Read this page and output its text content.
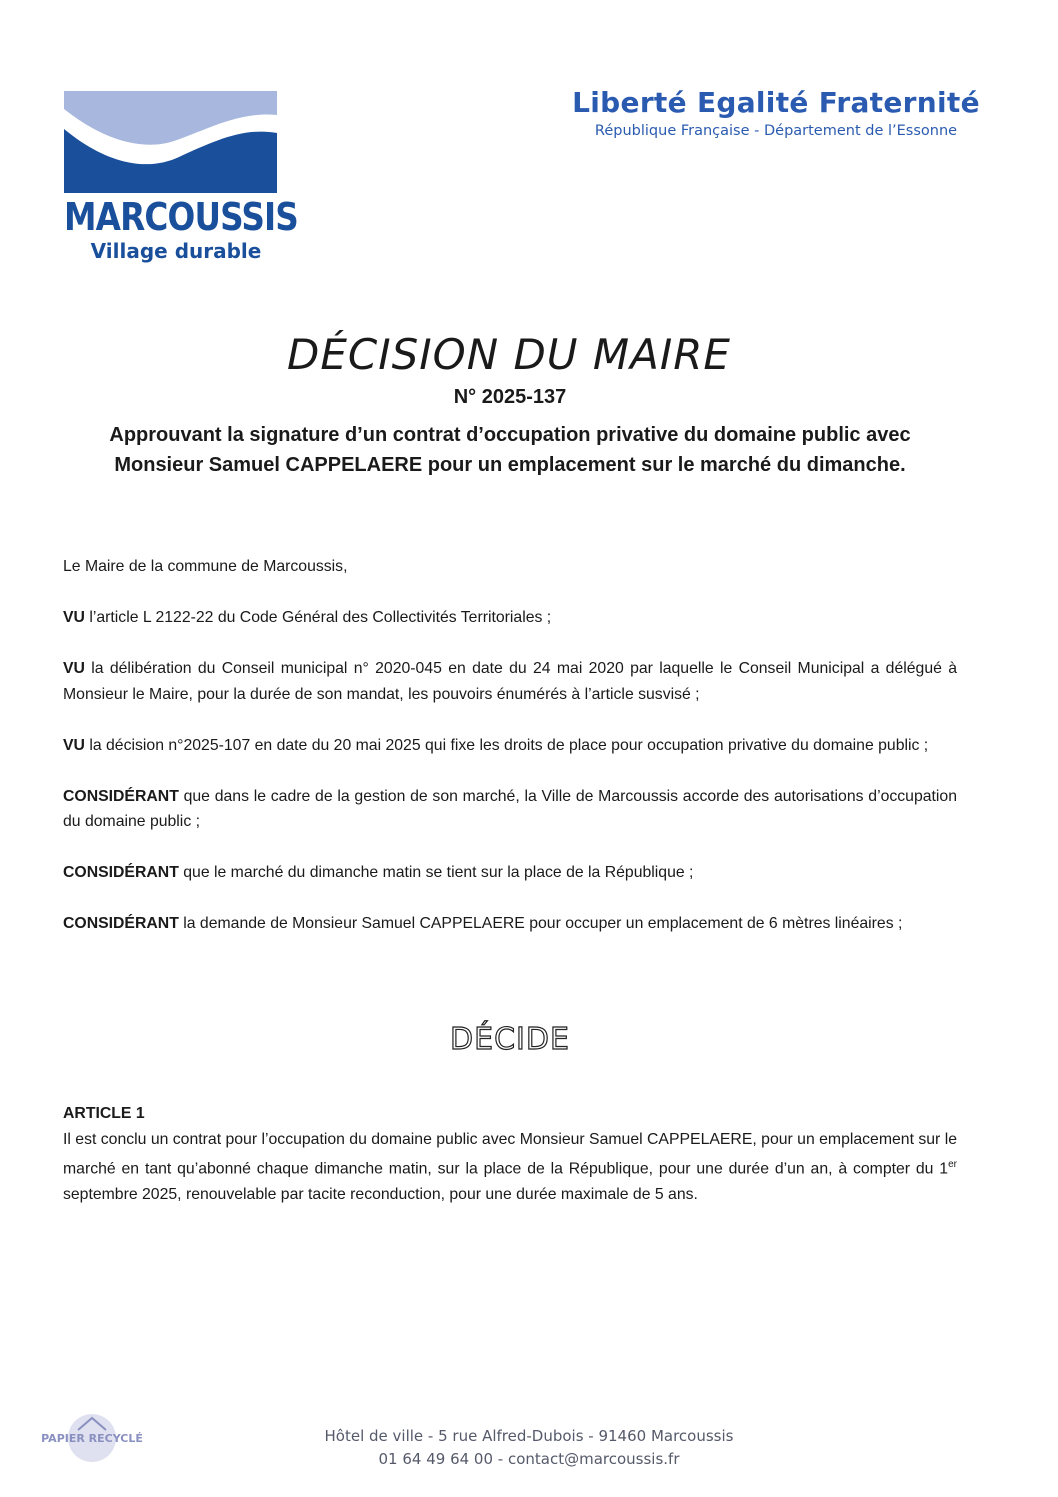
MARCOUSSIS
Village durable
Liberté Egalité Fraternité
République Française - Département de l’Essonne
DÉCISION DU MAIRE
N° 2025-137
Approuvant la signature d’un contrat d’occupation privative du domaine public avec
Monsieur Samuel CAPPELAERE pour un emplacement sur le marché du dimanche.

Le Maire de la commune de Marcoussis,

VU l’article L 2122-22 du Code Général des Collectivités Territoriales ;

VU la délibération du Conseil municipal n° 2020-045 en date du 24 mai 2020 par laquelle le Conseil Municipal a délégué à Monsieur le Maire, pour la durée de son mandat, les pouvoirs énumérés à l’article susvisé ;

VU la décision n°2025-107 en date du 20 mai 2025 qui fixe les droits de place pour occupation privative du domaine public ;

CONSIDÉRANT que dans le cadre de la gestion de son marché, la Ville de Marcoussis accorde des autorisations d’occupation du domaine public ;

CONSIDÉRANT que le marché du dimanche matin se tient sur la place de la République ;

CONSIDÉRANT la demande de Monsieur Samuel CAPPELAERE pour occuper un emplacement de 6 mètres linéaires ;

DÉCIDE
ARTICLE 1

Il est conclu un contrat pour l’occupation du domaine public avec Monsieur Samuel CAPPELAERE, pour un emplacement sur le marché en tant qu’abonné chaque dimanche matin, sur la place de la République, pour une durée d’un an, à compter du 1er septembre 2025, renouvelable par tacite reconduction, pour une durée maximale de 5 ans.

PAPIER RECYCLÉ	Hôtel de ville - 5 rue Alfred-Dubois - 91460 Marcoussis
01 64 49 64 00 - contact@marcoussis.fr
